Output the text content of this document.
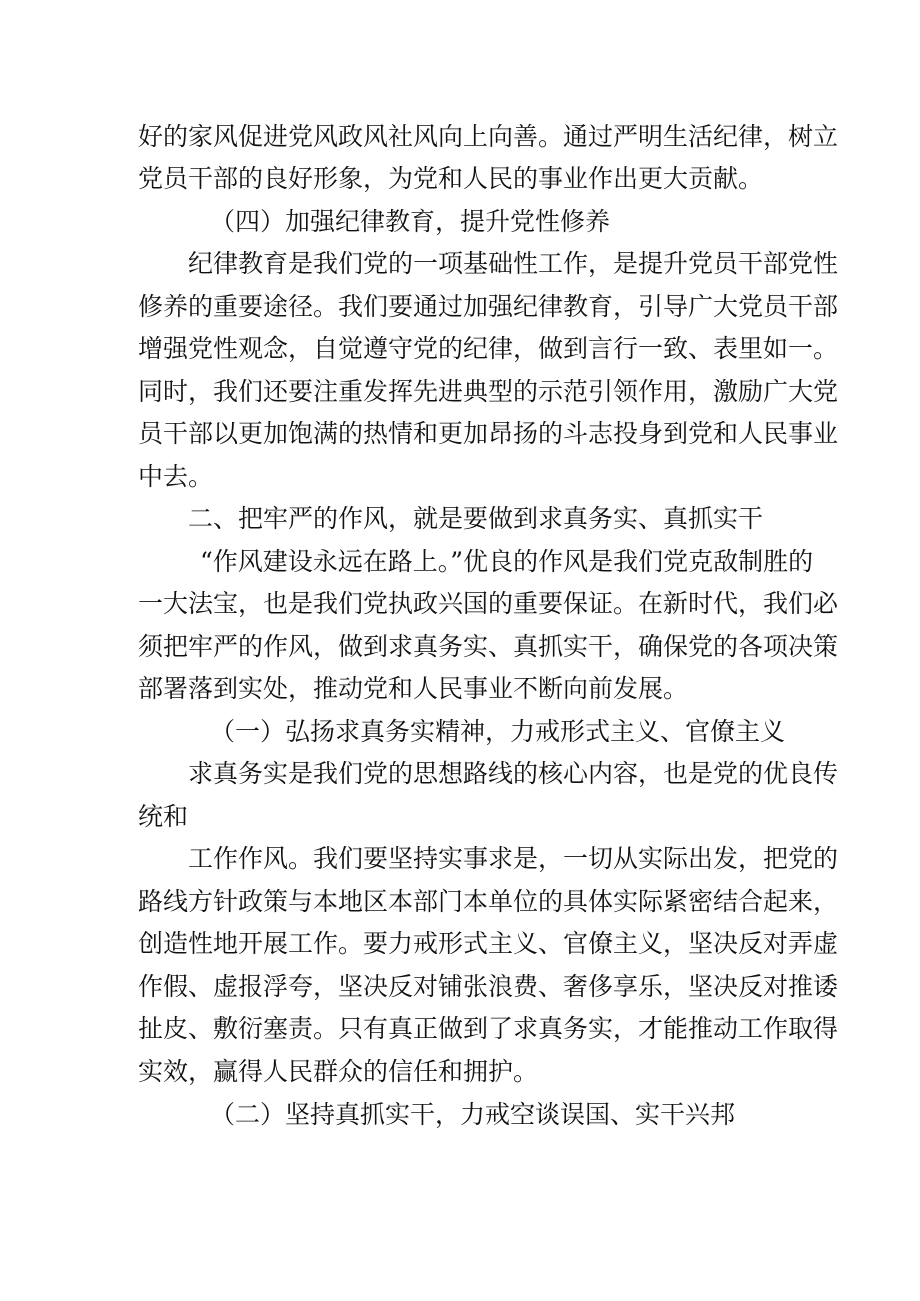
好的家风促进党风政风社风向上向善。通过严明生活纪律，树立
党员干部的良好形象，为党和人民的事业作出更大贡献。
（四）加强纪律教育，提升党性修养
纪律教育是我们党的一项基础性工作，是提升党员干部党性
修养的重要途径。我们要通过加强纪律教育，引导广大党员干部
增强党性观念，自觉遵守党的纪律，做到言行一致、表里如一。
同时，我们还要注重发挥先进典型的示范引领作用，激励广大党
员干部以更加饱满的热情和更加昂扬的斗志投身到党和人民事业
中去。
二、把牢严的作风，就是要做到求真务实、真抓实干
“作风建设永远在路上。”优良的作风是我们党克敌制胜的
一大法宝，也是我们党执政兴国的重要保证。在新时代，我们必
须把牢严的作风，做到求真务实、真抓实干，确保党的各项决策
部署落到实处，推动党和人民事业不断向前发展。
（一）弘扬求真务实精神，力戒形式主义、官僚主义
求真务实是我们党的思想路线的核心内容，也是党的优良传
统和
工作作风。我们要坚持实事求是，一切从实际出发，把党的
路线方针政策与本地区本部门本单位的具体实际紧密结合起来，
创造性地开展工作。要力戒形式主义、官僚主义，坚决反对弄虚
作假、虚报浮夸，坚决反对铺张浪费、奢侈享乐，坚决反对推诿
扯皮、敷衍塞责。只有真正做到了求真务实，才能推动工作取得
实效，赢得人民群众的信任和拥护。
（二）坚持真抓实干，力戒空谈误国、实干兴邦
